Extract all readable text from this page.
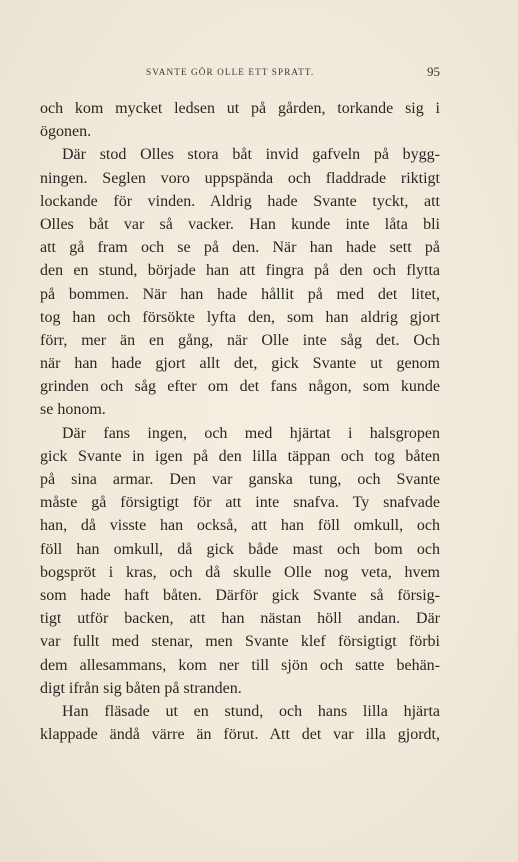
SVANTE GÖR OLLE ETT SPRATT.	95
och kom mycket ledsen ut på gården, torkande sig i
ögonen.
Där stod Olles stora båt invid gafveln på bygg-
ningen. Seglen voro uppspända och fladdrade riktigt
lockande för vinden. Aldrig hade Svante tyckt, att
Olles båt var så vacker. Han kunde inte låta bli
att gå fram och se på den. När han hade sett på
den en stund, började han att fingra på den och flytta
på bommen. När han hade hållit på med det litet,
tog han och försökte lyfta den, som han aldrig gjort
förr, mer än en gång, när Olle inte såg det. Och
när han hade gjort allt det, gick Svante ut genom
grinden och såg efter om det fans någon, som kunde
se honom.
Där fans ingen, och med hjärtat i halsgropen
gick Svante in igen på den lilla täppan och tog båten
på sina armar. Den var ganska tung, och Svante
måste gå försigtigt för att inte snafva. Ty snafvade
han, då visste han också, att han föll omkull, och
föll han omkull, då gick både mast och bom och
bogspröt i kras, och då skulle Olle nog veta, hvem
som hade haft båten. Därför gick Svante så försig-
tigt utför backen, att han nästan höll andan. Där
var fullt med stenar, men Svante klef försigtigt förbi
dem allesammans, kom ner till sjön och satte behän-
digt ifrån sig båten på stranden.
Han fläsade ut en stund, och hans lilla hjärta
klappade ändå värre än förut. Att det var illa gjordt,
